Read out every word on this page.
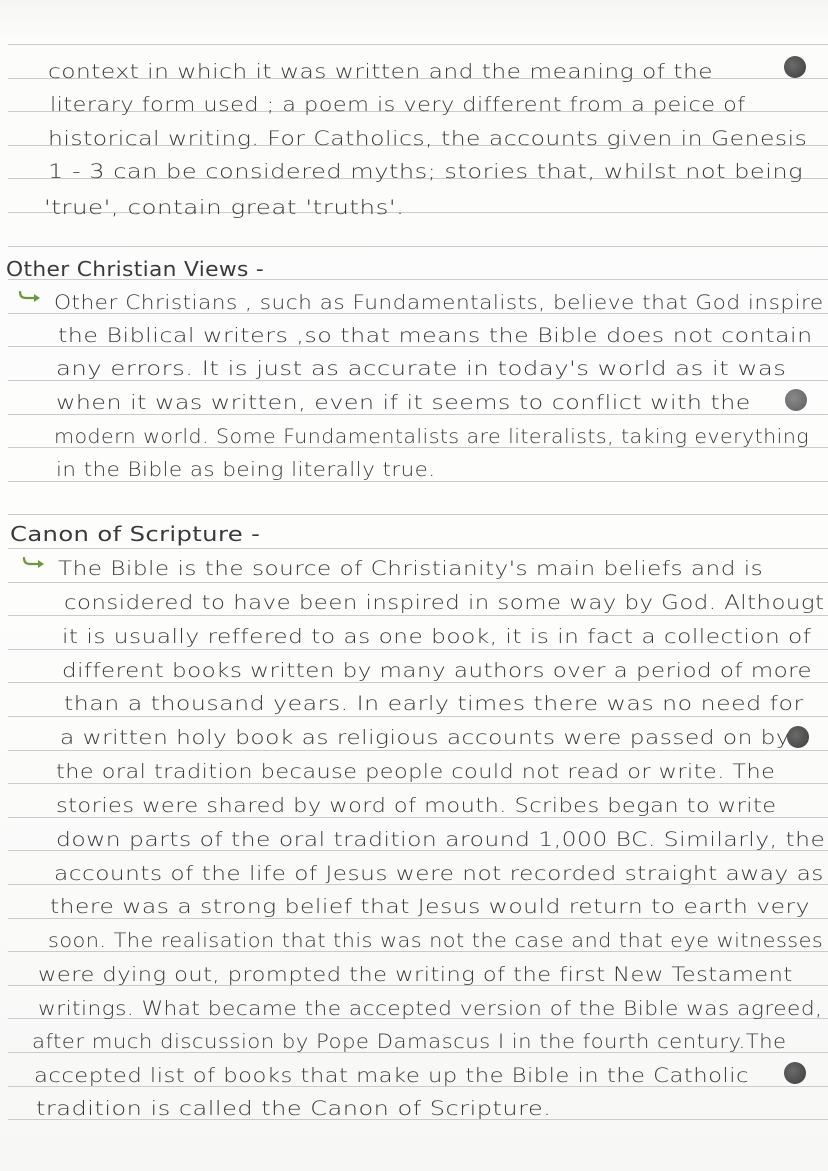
context in which it was written and the meaning of the
literary form used ; a poem is very different from a peice of
historical writing. For Catholics, the accounts given in Genesis
1 - 3 can be considered myths; stories that, whilst not being
'true', contain great 'truths'.
Other Christian Views -
Other Christians , such as Fundamentalists, believe that God inspire
the Biblical writers ,so that means the Bible does not contain
any errors. It is just as accurate in today's world as it was
when it was written, even if it seems to conflict with the
modern world. Some Fundamentalists are literalists, taking everything
in the Bible as being literally true.
Canon of Scripture -
The Bible is the source of Christianity's main beliefs and is
considered to have been inspired in some way by God. Althougt
it is usually reffered to as one book, it is in fact a collection of
different books written by many authors over a period of more
than a thousand years. In early times there was no need for
a written holy book as religious accounts were passed on by
the oral tradition because people could not read or write. The
stories were shared by word of mouth. Scribes began to write
down parts of the oral tradition around 1,000 BC. Similarly, the
accounts of the life of Jesus were not recorded straight away as
there was a strong belief that Jesus would return to earth very
soon. The realisation that this was not the case and that eye witnesses
were dying out, prompted the writing of the first New Testament
writings. What became the accepted version of the Bible was agreed,
after much discussion by Pope Damascus I in the fourth century.The
accepted list of books that make up the Bible in the Catholic
tradition is called the Canon of Scripture.
